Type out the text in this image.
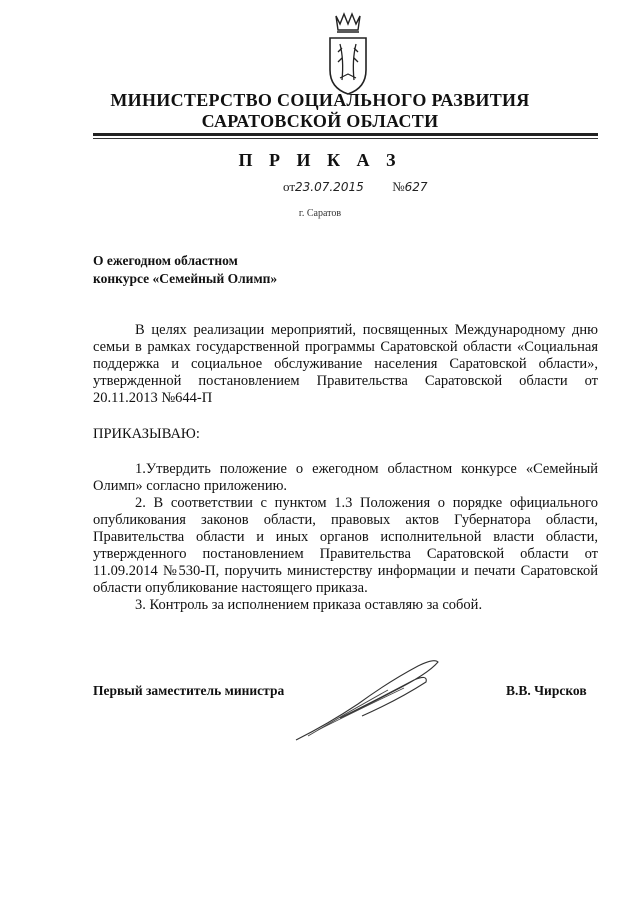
МИНИСТЕРСТВО СОЦИАЛЬНОГО РАЗВИТИЯ
САРАТОВСКОЙ ОБЛАСТИ
П Р И К А З
от23.07.2015 №627
г. Саратов
О ежегодном областном
конкурсе «Семейный Олимп»
В целях реализации мероприятий, посвященных Международному дню семьи в рамках государственной программы Саратовской области «Социальная поддержка и социальное обслуживание населения Саратовской области», утвержденной постановлением Правительства Саратовской области от 20.11.2013 №644-П
ПРИКАЗЫВАЮ:
1.Утвердить положение о ежегодном областном конкурсе «Семейный Олимп» согласно приложению.
2. В соответствии с пунктом 1.3 Положения о порядке официального опубликования законов области, правовых актов Губернатора области, Правительства области и иных органов исполнительной власти области, утвержденного постановлением Правительства Саратовской области от 11.09.2014 №530-П, поручить министерству информации и печати Саратовской области опубликование настоящего приказа.
3. Контроль за исполнением приказа оставляю за собой.
Первый заместитель министра	В.В. Чирсков
